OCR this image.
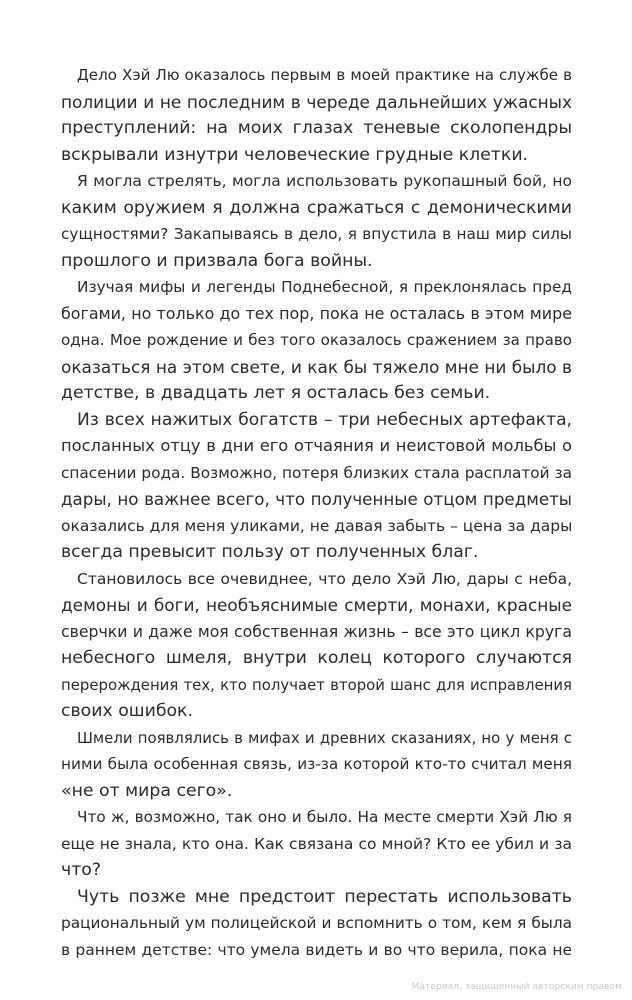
Дело Хэй Лю оказалось первым в моей практике на службе в
полиции и не последним в череде дальнейших ужасных
преступлений: на моих глазах теневые сколопендры
вскрывали изнутри человеческие грудные клетки.
Я могла стрелять, могла использовать рукопашный бой, но
каким оружием я должна сражаться с демоническими
сущностями? Закапываясь в дело, я впустила в наш мир силы
прошлого и призвала бога войны.
Изучая мифы и легенды Поднебесной, я преклонялась пред
богами, но только до тех пор, пока не осталась в этом мире
одна. Мое рождение и без того оказалось сражением за право
оказаться на этом свете, и как бы тяжело мне ни было в
детстве, в двадцать лет я осталась без семьи.
Из всех нажитых богатств – три небесных артефакта,
посланных отцу в дни его отчаяния и неистовой мольбы о
спасении рода. Возможно, потеря близких стала расплатой за
дары, но важнее всего, что полученные отцом предметы
оказались для меня уликами, не давая забыть – цена за дары
всегда превысит пользу от полученных благ.
Становилось все очевиднее, что дело Хэй Лю, дары с неба,
демоны и боги, необъяснимые смерти, монахи, красные
сверчки и даже моя собственная жизнь – все это цикл круга
небесного шмеля, внутри колец которого случаются
перерождения тех, кто получает второй шанс для исправления
своих ошибок.
Шмели появлялись в мифах и древних сказаниях, но у меня с
ними была особенная связь, из-за которой кто-то считал меня
«не от мира сего».
Что ж, возможно, так оно и было. На месте смерти Хэй Лю я
еще не знала, кто она. Как связана со мной? Кто ее убил и за
что?
Чуть позже мне предстоит перестать использовать
рациональный ум полицейской и вспомнить о том, кем я была
в раннем детстве: что умела видеть и во что верила, пока не
Материал, защищенный авторским правом
